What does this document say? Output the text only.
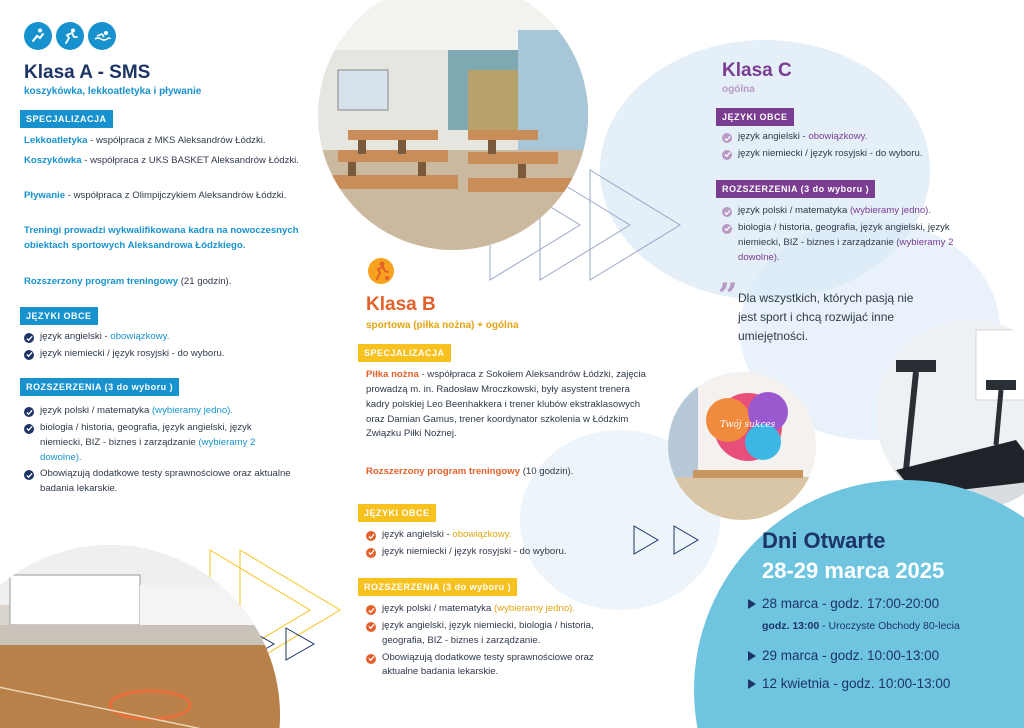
Klasa A - SMS
koszykówka, lekkoatletyka i pływanie
SPECJALIZACJA
Lekkoatletyka - współpraca z MKS Aleksandrów Łódzki.
Koszykówka - współpraca z UKS BASKET Aleksandrów Łódzki.
Pływanie - współpraca z Olimpijczykiem Aleksandrów Łódzki.
Treningi prowadzi wykwalifikowana kadra na nowoczesnych obiektach sportowych Aleksandrowa Łódzkiego.
Rozszerzony program treningowy (21 godzin).
JĘZYKI OBCE
język angielski - obowiązkowy.
język niemiecki / język rosyjski - do wyboru.
ROZSZERZENIA (3 do wyboru )
język polski / matematyka (wybieramy jedno).
biologia / historia, geografia, język angielski, język niemiecki, BIZ - biznes i zarządzanie (wybieramy 2 dowolne).
Obowiązują dodatkowe testy sprawnościowe oraz aktualne badania lekarskie.
Klasa B
sportowa (piłka nożna) + ogólna
SPECJALIZACJA
Piłka nożna - współpraca z Sokołem Aleksandrów Łódzki, zajęcia prowadzą m. in. Radosław Mroczkowski, były asystent trenera kadry polskiej Leo Beenhakkera i trener klubów ekstraklasowych oraz Damian Gamus, trener koordynator szkolenia w Łódzkim Związku Piłki Nożnej.
Rozszerzony program treningowy (10 godzin).
JĘZYKI OBCE
język angielski - obowiązkowy.
język niemiecki / język rosyjski - do wyboru.
ROZSZERZENIA (3 do wyboru )
język polski / matematyka (wybieramy jedno).
język angielski, język niemiecki, biologia / historia, geografia, BIZ - biznes i zarządzanie.
Obowiązują dodatkowe testy sprawnościowe oraz aktualne badania lekarskie.
Klasa C
ogólna
JĘZYKI OBCE
język angielski - obowiązkowy.
język niemiecki / język rosyjski - do wyboru.
ROZSZERZENIA (3 do wyboru )
język polski / matematyka (wybieramy jedno).
biologia / historia, geografia, język angielski, język niemiecki, BIZ - biznes i zarządzanie (wybieramy 2 dowolne).
” Dla wszystkich, których pasją nie jest sport i chcą rozwijać inne umiejętności.
Twój sukces
Dni Otwarte
28-29 marca 2025
28 marca - godz. 17:00-20:00
godz. 13:00 - Uroczyste Obchody 80-lecia
29 marca - godz. 10:00-13:00
12 kwietnia - godz. 10:00-13:00
